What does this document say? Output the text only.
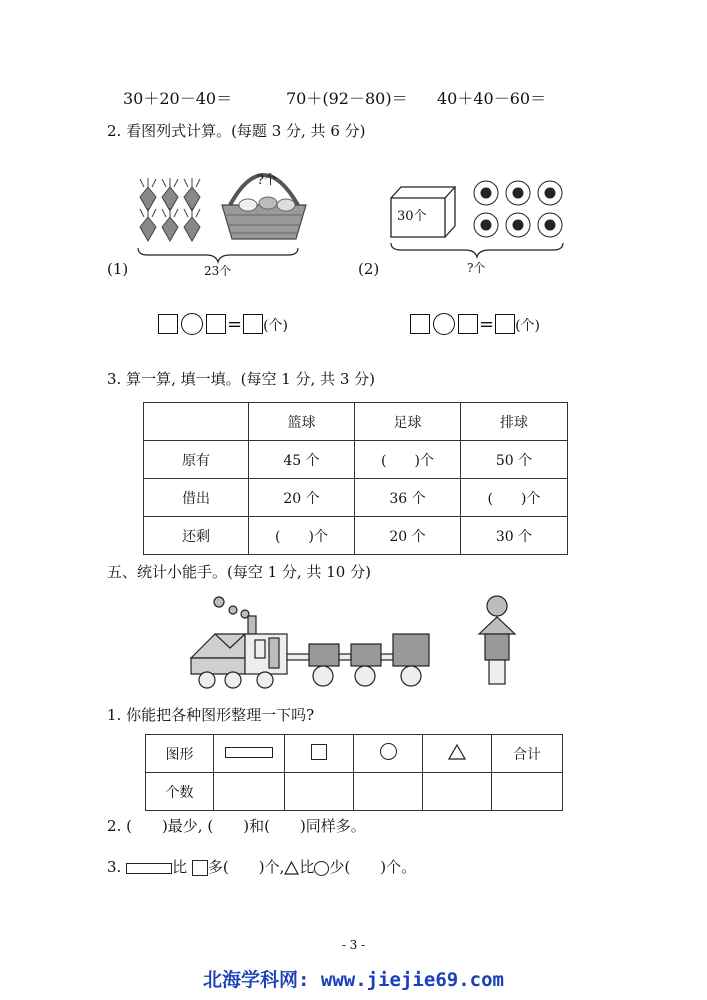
30＋20－40＝	70＋(92－80)＝ 40＋40－60＝
2. 看图列式计算。(每题 3 分, 共 6 分)
?个
23个
(1)
30个
?个
(2)
= (个)	= (个)
3. 算一算, 填一填。(每空 1 分, 共 3 分)
	篮球	足球	排球
原有	45 个	(　　)个	50 个
借出	20 个	36 个	(　　)个
还剩	(　　)个	20 个	30 个
五、统计小能手。(每空 1 分, 共 10 分)
1. 你能把各种图形整理一下吗?
图形					合计
个数					
2. (　　 )最少, (　　 )和(　　 )同样多。
3.	比 多(　　 )个, 比 少(　　 )个。
- 3 -
北海学科网: www.jiejie69.com
